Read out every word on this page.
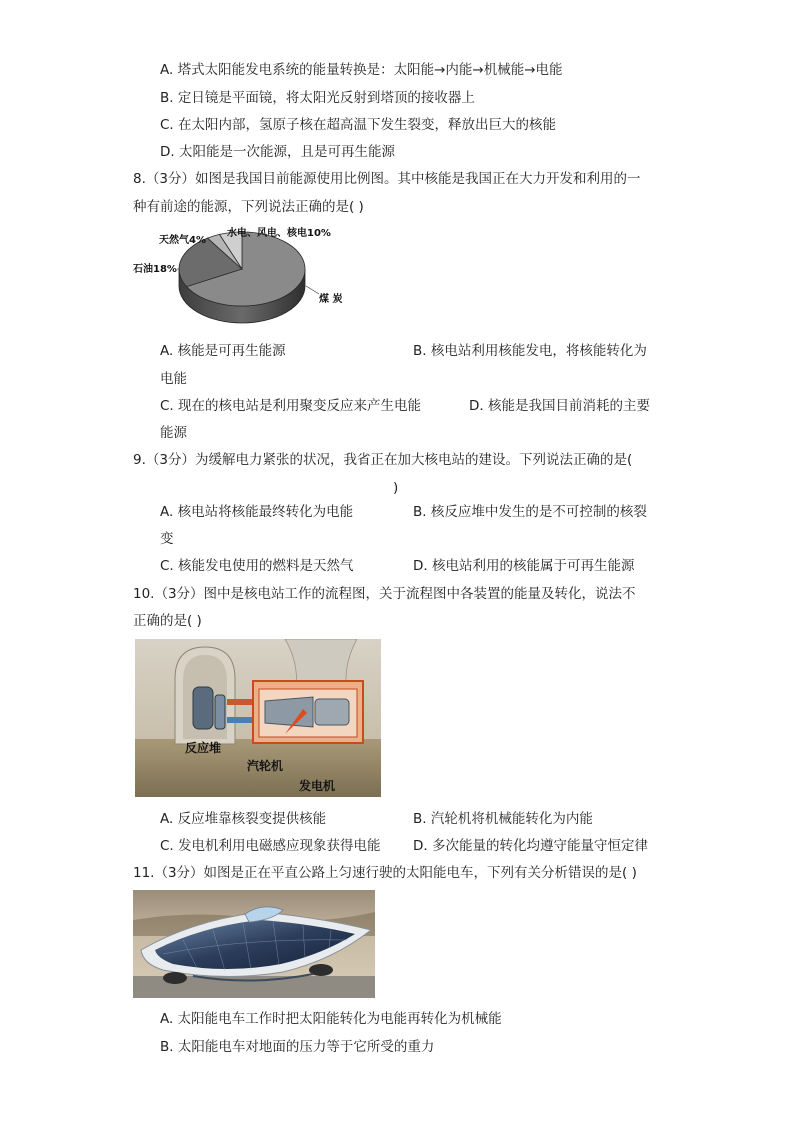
A. 塔式太阳能发电系统的能量转换是：太阳能→内能→机械能→电能
B. 定日镜是平面镜，将太阳光反射到塔顶的接收器上
C. 在太阳内部，氢原子核在超高温下发生裂变，释放出巨大的核能
D. 太阳能是一次能源，且是可再生能源
8.（3分）如图是我国目前能源使用比例图。其中核能是我国正在大力开发和利用的一
种有前途的能源，下列说法正确的是( )
天然气4%
水电、风电、核电10%
石油18%
煤 炭
A. 核能是可再生能源	B. 核电站利用核能发电，将核能转化为
电能
C. 现在的核电站是利用聚变反应来产生电能	D. 核能是我国目前消耗的主要
能源
9.（3分）为缓解电力紧张的状况，我省正在加大核电站的建设。下列说法正确的是(
)
A. 核电站将核能最终转化为电能	B. 核反应堆中发生的是不可控制的核裂
变
C. 核能发电使用的燃料是天然气	D. 核电站利用的核能属于可再生能源
10.（3分）图中是核电站工作的流程图，关于流程图中各装置的能量及转化，说法不
正确的是( )
反应堆
汽轮机
发电机
A. 反应堆靠核裂变提供核能	B. 汽轮机将机械能转化为内能
C. 发电机利用电磁感应现象获得电能 D. 多次能量的转化均遵守能量守恒定律
11.（3分）如图是正在平直公路上匀速行驶的太阳能电车，下列有关分析错误的是( )
A. 太阳能电车工作时把太阳能转化为电能再转化为机械能
B. 太阳能电车对地面的压力等于它所受的重力
